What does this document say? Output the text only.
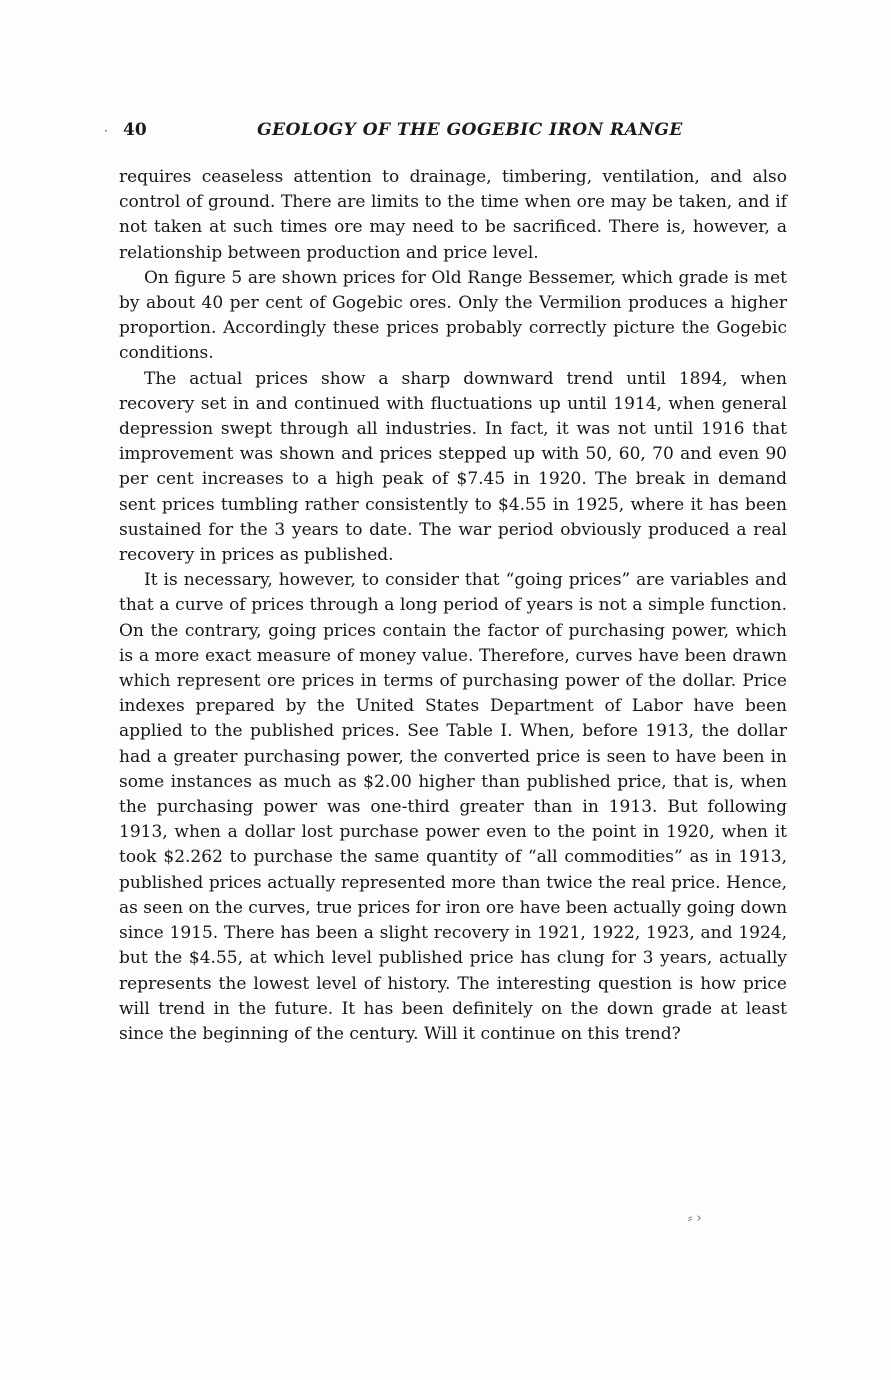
· 40	GEOLOGY OF THE GOGEBIC IRON RANGE

requires ceaseless attention to drainage, timbering, ventilation, and also control of ground. There are limits to the time when ore may be taken, and if not taken at such times ore may need to be sacrificed. There is, however, a relationship between production and price level.

On figure 5 are shown prices for Old Range Bessemer, which grade is met by about 40 per cent of Gogebic ores. Only the Vermilion produces a higher proportion. Accordingly these prices probably correctly picture the Gogebic conditions.

The actual prices show a sharp downward trend until 1894, when recovery set in and continued with fluctuations up until 1914, when general depression swept through all industries. In fact, it was not until 1916 that improvement was shown and prices stepped up with 50, 60, 70 and even 90 per cent increases to a high peak of $7.45 in 1920. The break in demand sent prices tumbling rather consistently to $4.55 in 1925, where it has been sustained for the 3 years to date. The war period obviously produced a real recovery in prices as published.

It is necessary, however, to consider that “going prices” are variables and that a curve of prices through a long period of years is not a simple function. On the contrary, going prices contain the factor of purchasing power, which is a more exact measure of money value. Therefore, curves have been drawn which represent ore prices in terms of purchasing power of the dollar. Price indexes prepared by the United States Department of Labor have been applied to the published prices. See Table I. When, before 1913, the dollar had a greater purchasing power, the converted price is seen to have been in some instances as much as $2.00 higher than published price, that is, when the purchasing power was one-third greater than in 1913. But following 1913, when a dollar lost purchase power even to the point in 1920, when it took $2.262 to purchase the same quantity of “all commodities” as in 1913, published prices actually represented more than twice the real price. Hence, as seen on the curves, true prices for iron ore have been actually going down since 1915. There has been a slight recovery in 1921, 1922, 1923, and 1924, but the $4.55, at which level published price has clung for 3 years, actually represents the lowest level of history. The interesting question is how price will trend in the future. It has been definitely on the down grade at least since the beginning of the century. Will it continue on this trend?

⸗ ›
